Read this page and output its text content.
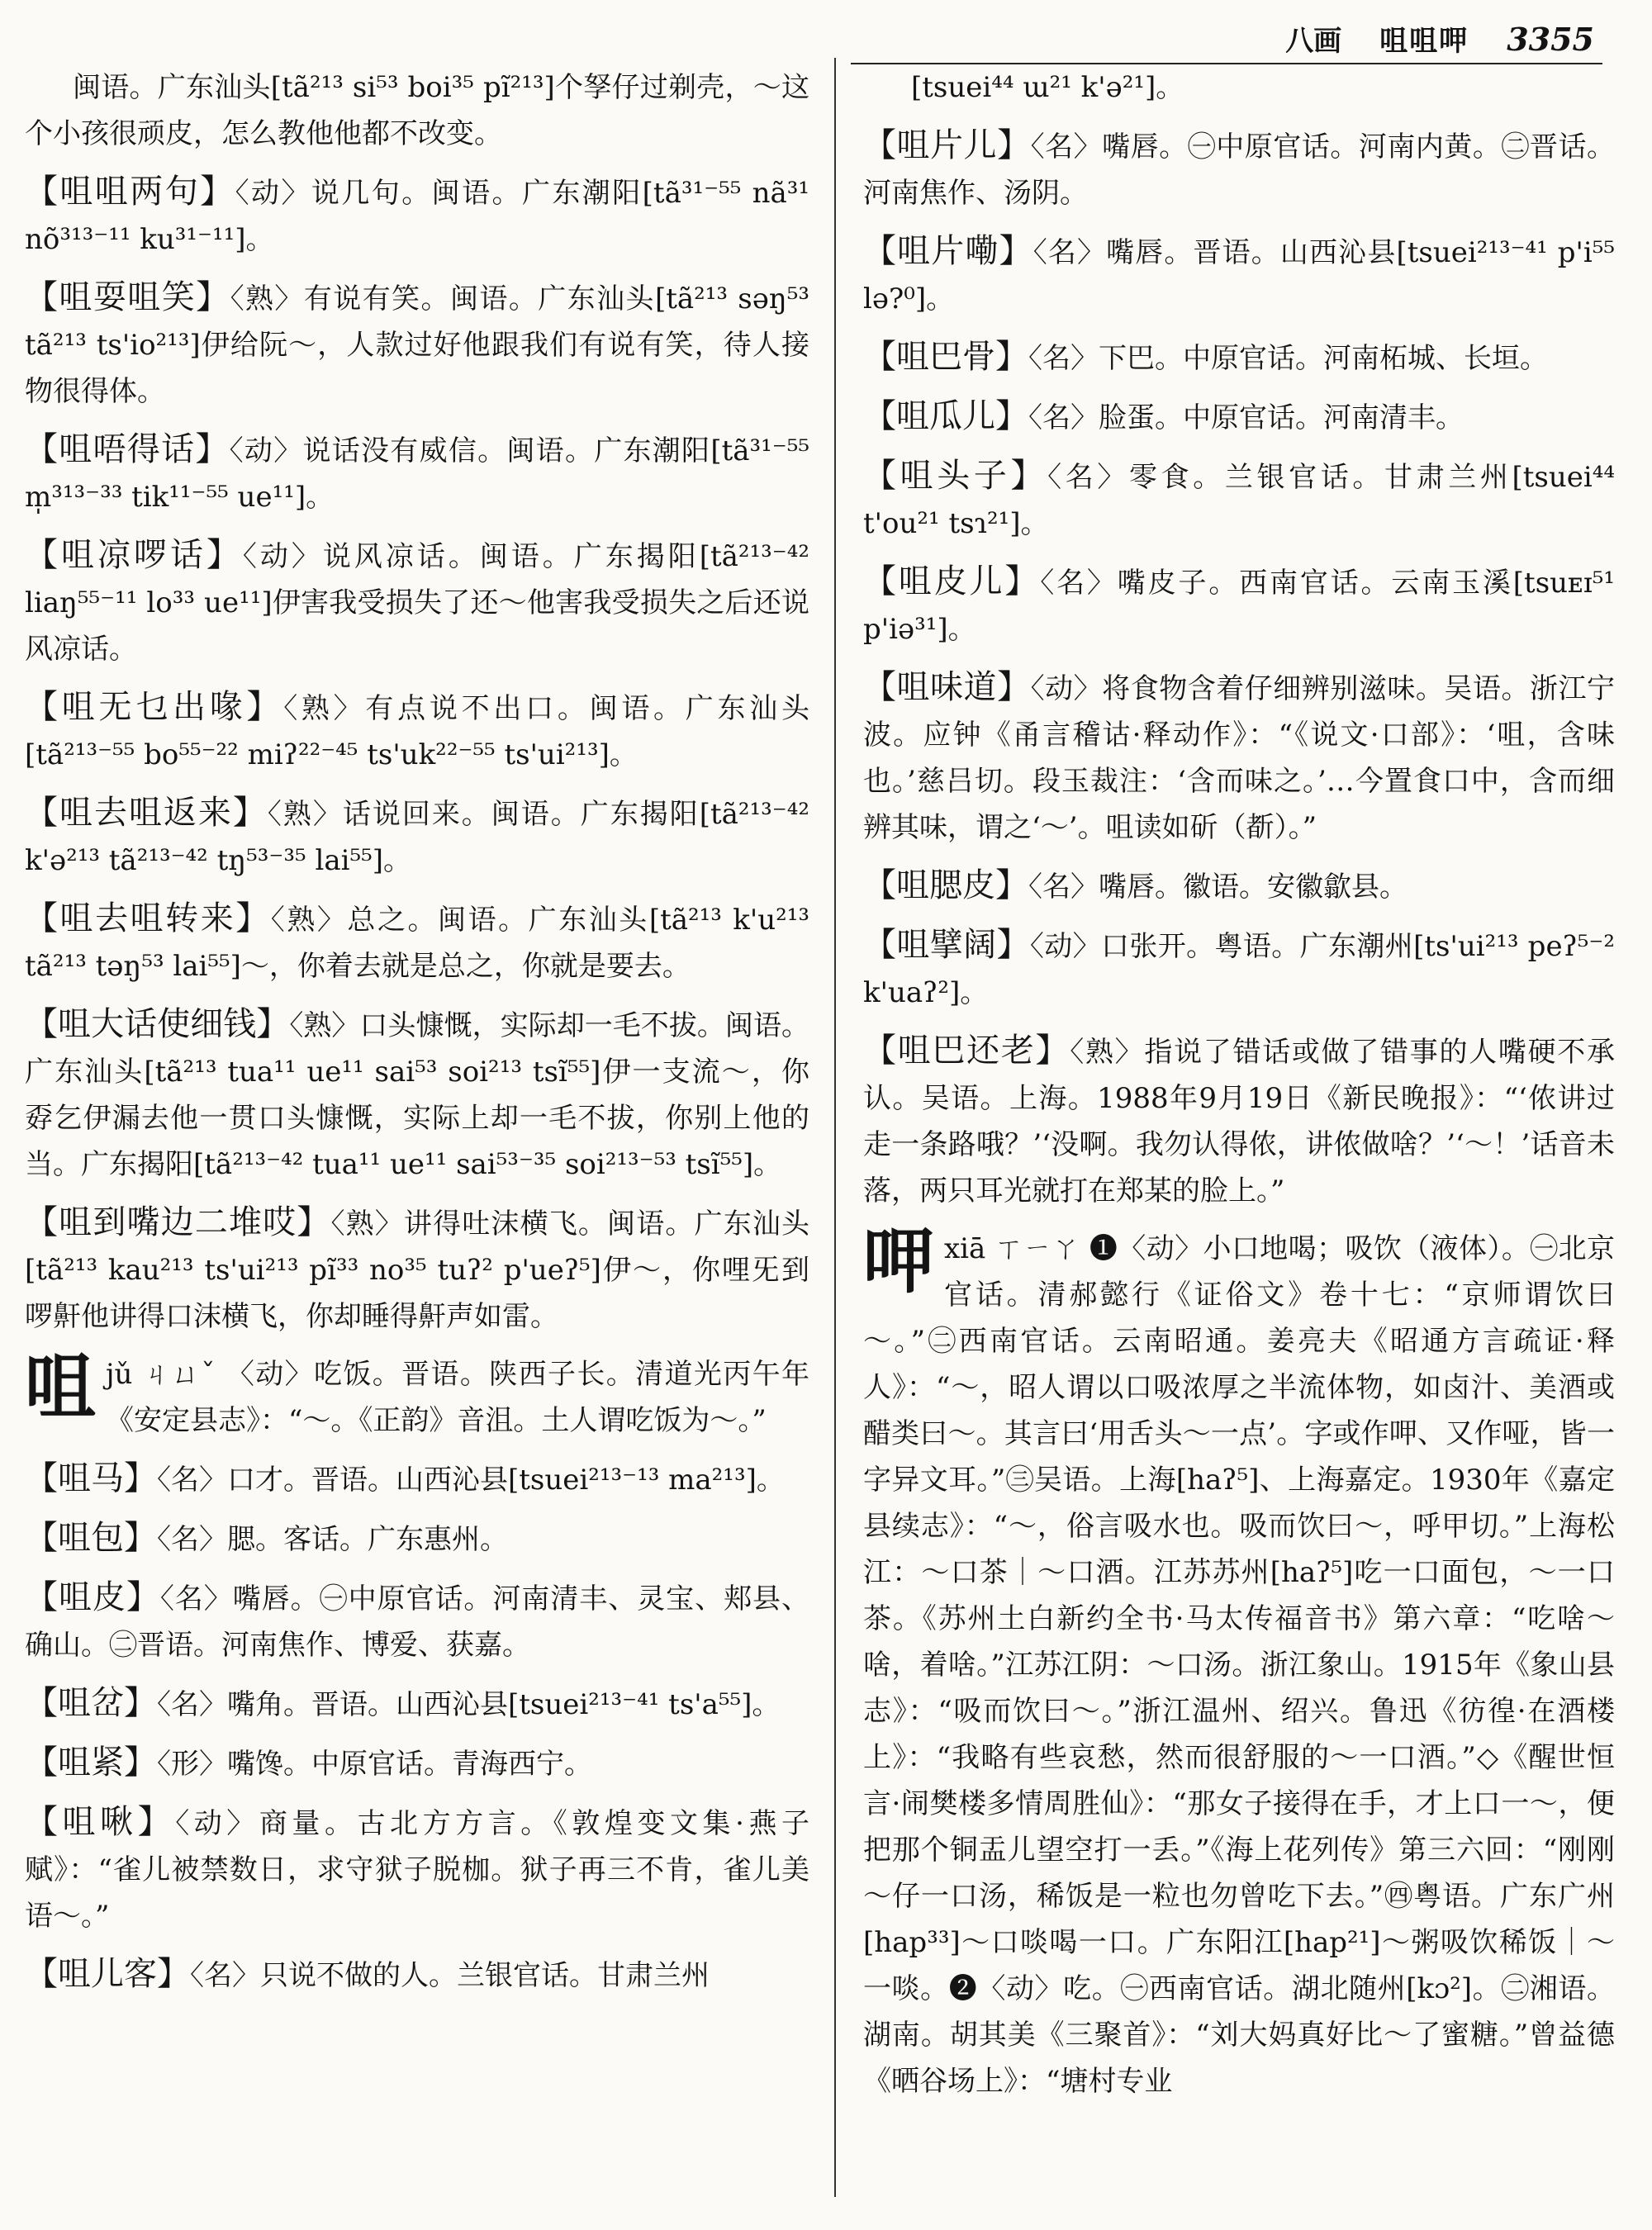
八画 咀咀呷 3355

闽语。广东汕头[tã²¹³ si⁵³ boi³⁵ pĩ²¹³]个孥仔过剃壳，～这个小孩很顽皮，怎么教他他都不改变。

【咀咀两句】〈动〉说几句。闽语。广东潮阳[tã³¹⁻⁵⁵ nã³¹ nõ³¹³⁻¹¹ ku³¹⁻¹¹]。

【咀耍咀笑】〈熟〉有说有笑。闽语。广东汕头[tã²¹³ səŋ⁵³ tã²¹³ ts'io²¹³]伊给阮～，人款过好他跟我们有说有笑，待人接物很得体。

【咀唔得话】〈动〉说话没有威信。闽语。广东潮阳[tã³¹⁻⁵⁵ m̩³¹³⁻³³ tik¹¹⁻⁵⁵ ue¹¹]。

【咀凉啰话】〈动〉说风凉话。闽语。广东揭阳[tã²¹³⁻⁴² liaŋ⁵⁵⁻¹¹ lo³³ ue¹¹]伊害我受损失了还～他害我受损失之后还说风凉话。

【咀无乜出喙】〈熟〉有点说不出口。闽语。广东汕头[tã²¹³⁻⁵⁵ bo⁵⁵⁻²² miʔ²²⁻⁴⁵ ts'uk²²⁻⁵⁵ ts'ui²¹³]。

【咀去咀返来】〈熟〉话说回来。闽语。广东揭阳[tã²¹³⁻⁴² k'ə²¹³ tã²¹³⁻⁴² tŋ⁵³⁻³⁵ lai⁵⁵]。

【咀去咀转来】〈熟〉总之。闽语。广东汕头[tã²¹³ k'u²¹³ tã²¹³ təŋ⁵³ lai⁵⁵]～，你着去就是总之，你就是要去。

【咀大话使细钱】〈熟〉口头慷慨，实际却一毛不拔。闽语。广东汕头[tã²¹³ tua¹¹ ue¹¹ sai⁵³ soi²¹³ tsĩ⁵⁵]伊一支流～，你孬乞伊漏去他一贯口头慷慨，实际上却一毛不拔，你别上他的当。广东揭阳[tã²¹³⁻⁴² tua¹¹ ue¹¹ sai⁵³⁻³⁵ soi²¹³⁻⁵³ tsĩ⁵⁵]。

【咀到嘴边二堆哎】〈熟〉讲得吐沫横飞。闽语。广东汕头[tã²¹³ kau²¹³ ts'ui²¹³ pĩ³³ no³⁵ tuʔ² p'ueʔ⁵]伊～，你哩旡到啰鼾他讲得口沫横飞，你却睡得鼾声如雷。

咀jǔ ㄐㄩˇ 〈动〉吃饭。晋语。陕西子长。清道光丙午年《安定县志》：“～。《正韵》音沮。土人谓吃饭为～。”

【咀马】〈名〉口才。晋语。山西沁县[tsuei²¹³⁻¹³ ma²¹³]。

【咀包】〈名〉腮。客话。广东惠州。

【咀皮】〈名〉嘴唇。㊀中原官话。河南清丰、灵宝、郏县、确山。㊁晋语。河南焦作、博爱、获嘉。

【咀岔】〈名〉嘴角。晋语。山西沁县[tsuei²¹³⁻⁴¹ ts'a⁵⁵]。

【咀紧】〈形〉嘴馋。中原官话。青海西宁。

【咀啾】〈动〉商量。古北方方言。《敦煌变文集·燕子赋》：“雀儿被禁数日，求守狱子脱枷。狱子再三不肯，雀儿美语～。”

【咀儿客】〈名〉只说不做的人。兰银官话。甘肃兰州

[tsuei⁴⁴ ɯ²¹ k'ə²¹]。

【咀片儿】〈名〉嘴唇。㊀中原官话。河南内黄。㊁晋话。河南焦作、汤阴。

【咀片嘞】〈名〉嘴唇。晋语。山西沁县[tsuei²¹³⁻⁴¹ p'i⁵⁵ lə?⁰]。

【咀巴骨】〈名〉下巴。中原官话。河南柘城、长垣。

【咀瓜儿】〈名〉脸蛋。中原官话。河南清丰。

【咀头子】〈名〉零食。兰银官话。甘肃兰州[tsuei⁴⁴ t'ou²¹ tsɿ²¹]。

【咀皮儿】〈名〉嘴皮子。西南官话。云南玉溪[tsuᴇɪ⁵¹ p'iə³¹]。

【咀味道】〈动〉将食物含着仔细辨别滋味。吴语。浙江宁波。应钟《甬言稽诂·释动作》：“《说文·口部》：‘咀，含味也。’慈吕切。段玉裁注：‘含而味之。’…今置食口中，含而细辨其味，谓之‘～’。咀读如斫（斱）。”

【咀腮皮】〈名〉嘴唇。徽语。安徽歙县。

【咀擘阔】〈动〉口张开。粤语。广东潮州[ts'ui²¹³ peʔ⁵⁻² k'uaʔ²]。

【咀巴还老】〈熟〉指说了错话或做了错事的人嘴硬不承认。吴语。上海。1988年9月19日《新民晚报》：“‘侬讲过走一条路哦？’‘没啊。我勿认得侬，讲侬做啥？’‘～！’话音未落，两只耳光就打在郑某的脸上。”

呷xiā ㄒㄧㄚ ❶〈动〉小口地喝；吸饮（液体）。㊀北京官话。清郝懿行《证俗文》卷十七：“京师谓饮曰～。”㊁西南官话。云南昭通。姜亮夫《昭通方言疏证·释人》：“～，昭人谓以口吸浓厚之半流体物，如卤汁、美酒或醋类曰～。其言曰‘用舌头～一点’。字或作呷、又作哑，皆一字异文耳。”㊂吴语。上海[haʔ⁵]、上海嘉定。1930年《嘉定县续志》：“～，俗言吸水也。吸而饮曰～，呼甲切。”上海松江：～口茶｜～口酒。江苏苏州[haʔ⁵]吃一口面包，～一口茶。《苏州土白新约全书·马太传福音书》第六章：“吃啥～啥，着啥。”江苏江阴：～口汤。浙江象山。1915年《象山县志》：“吸而饮曰～。”浙江温州、绍兴。鲁迅《彷徨·在酒楼上》：“我略有些哀愁，然而很舒服的～一口酒。”◇《醒世恒言·闹樊楼多情周胜仙》：“那女子接得在手，才上口一～，便把那个铜盂儿望空打一丢。”《海上花列传》第三六回：“刚刚～仔一口汤，稀饭是一粒也勿曾吃下去。”㊃粤语。广东广州[hap³³]～口啖喝一口。广东阳江[hap²¹]～粥吸饮稀饭｜～一啖。❷〈动〉吃。㊀西南官话。湖北随州[kɔ²]。㊁湘语。湖南。胡其美《三聚首》：“刘大妈真好比～了蜜糖。”曾益德《晒谷场上》：“塘村专业
